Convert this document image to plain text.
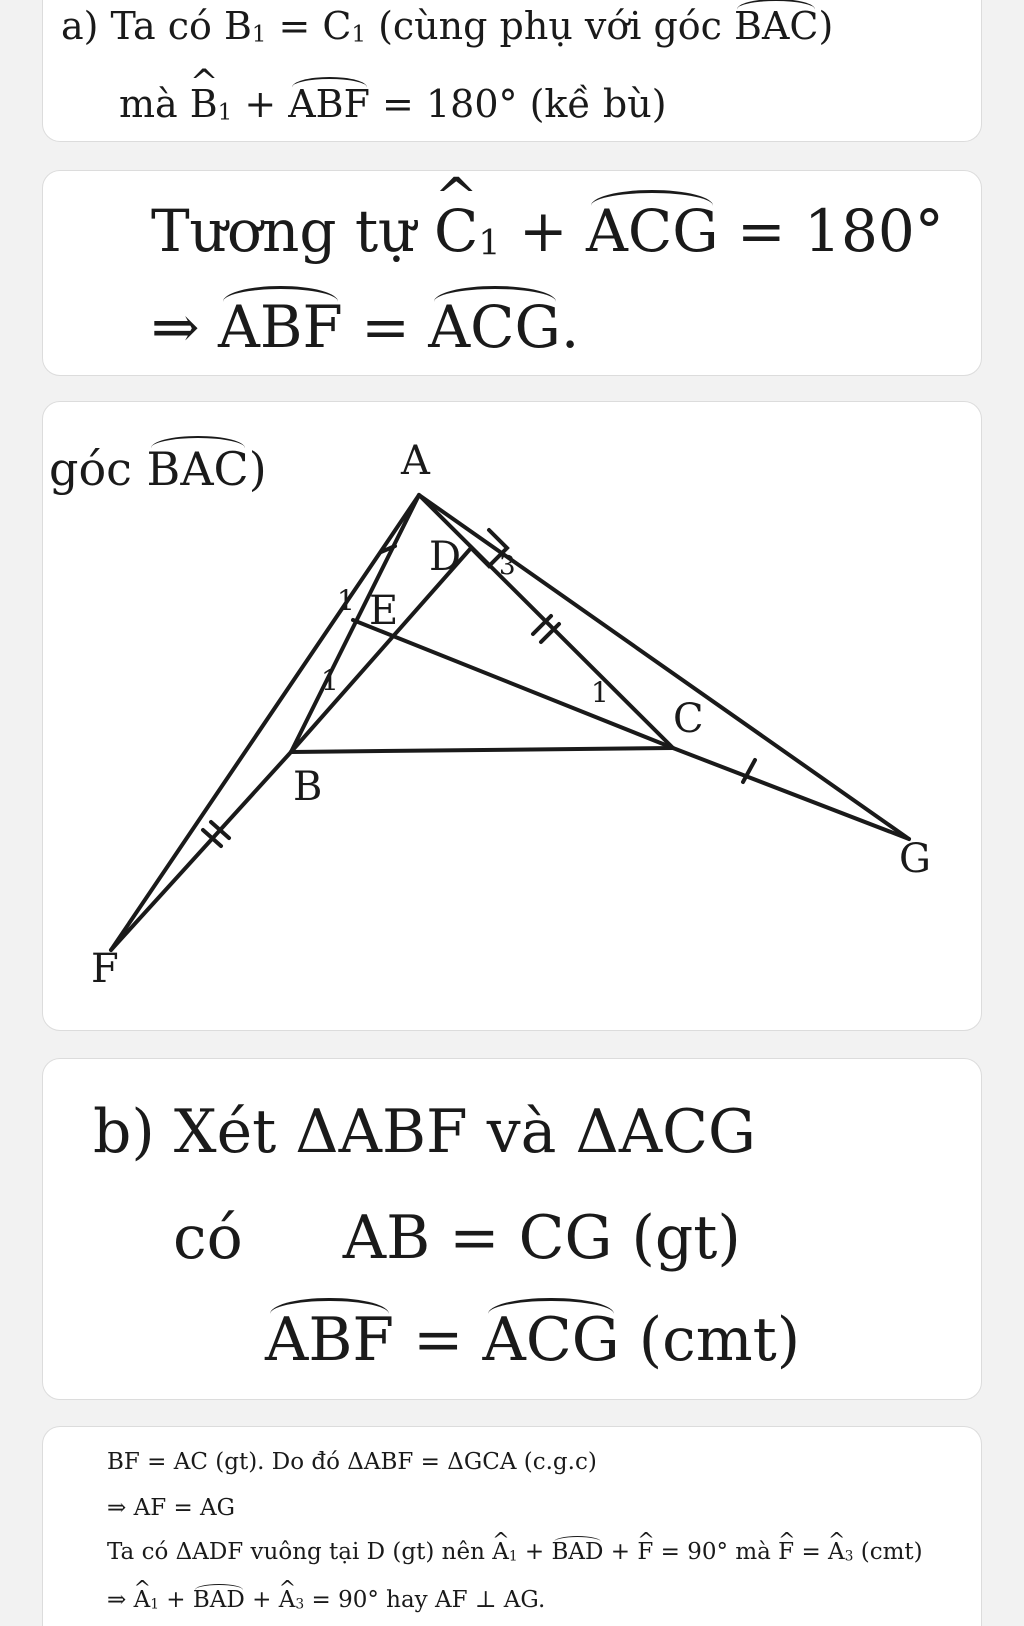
a) Ta có ^ $B_1$ = ^ $C_1$ (cùng phụ với góc BAC)
mà ^ $B_1$ + ABF = 180° (kề bù)
Tương tự ^ $C_1$ + ACG = 180°
⇒ ABF = ACG.
A
B
C
D
E
F
G
1
1	1
3
góc BAC)
b) Xét ΔABF và ΔACG
có AB = CG (gt)
ABF = ACG (cmt)
BF = AC (gt). Do đó ΔABF = ΔGCA (c.g.c)
⇒ AF = AG
Ta có ΔADF vuông tại D (gt) nên ^ $A_1$ + BAD + ^ F = 90° mà ^ F = ^ $A_3$ (cmt)
⇒ ^ $A_1$ + BAD + ^ $A_3 = 90^\circ$ hay AF ⊥ AG.
